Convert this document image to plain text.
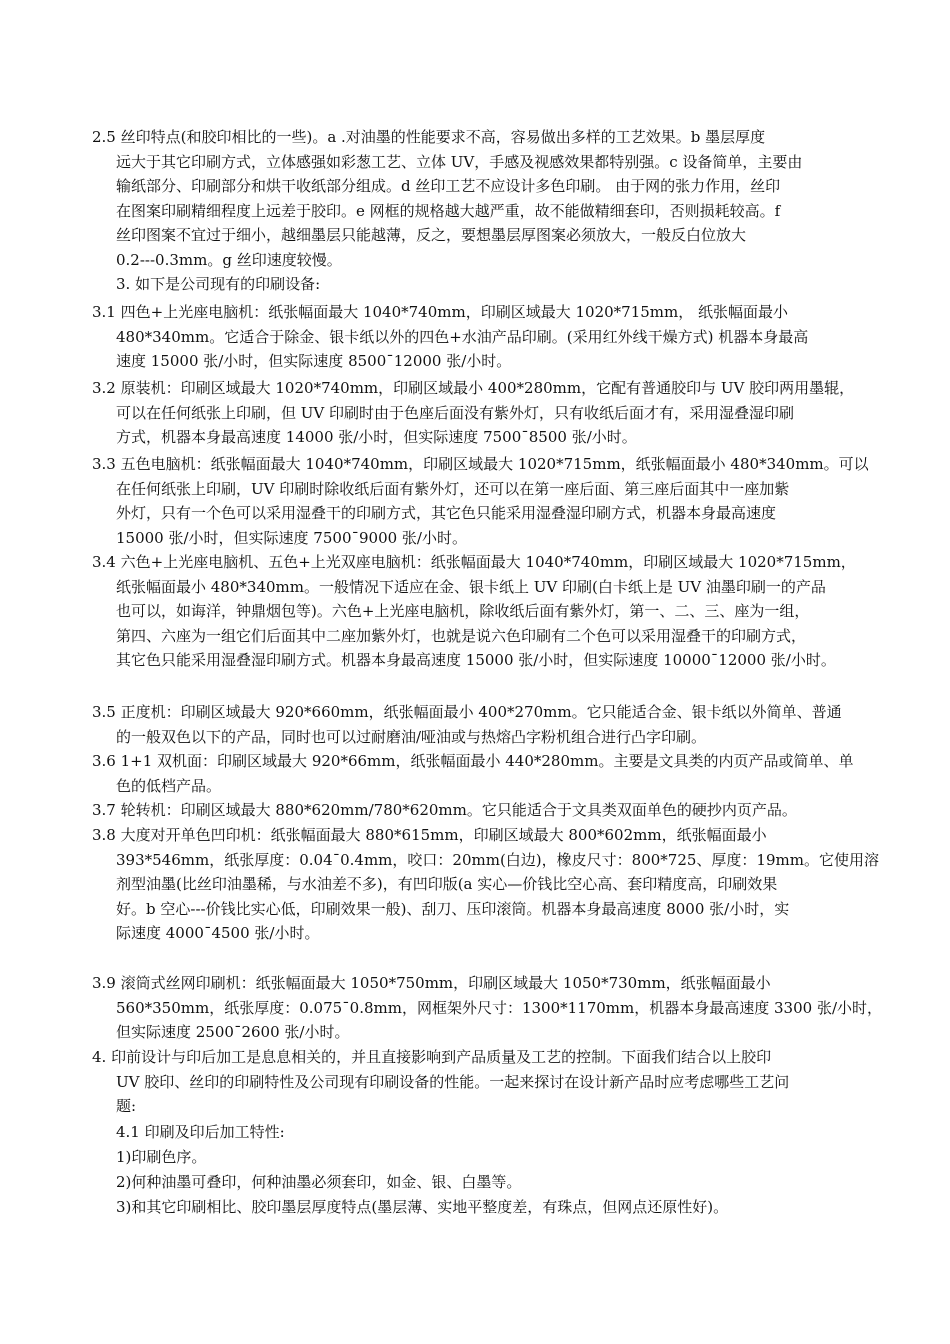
2.5 丝印特点(和胶印相比的一些)。a .对油墨的性能要求不高，容易做出多样的工艺效果。b 墨层厚度
远大于其它印刷方式，立体感强如彩葱工艺、立体 UV，手感及视感效果都特别强。c 设备简单，主要由
输纸部分、印刷部分和烘干收纸部分组成。d 丝印工艺不应设计多色印刷。 由于网的张力作用，丝印
在图案印刷精细程度上远差于胶印。e 网框的规格越大越严重，故不能做精细套印，否则损耗较高。f
丝印图案不宜过于细小，越细墨层只能越薄，反之，要想墨层厚图案必须放大，一般反白位放大
0.2---0.3mm。g 丝印速度较慢。
3. 如下是公司现有的印刷设备:
3.1 四色+上光座电脑机：纸张幅面最大 1040*740mm，印刷区域最大 1020*715mm， 纸张幅面最小
480*340mm。它适合于除金、银卡纸以外的四色+水油产品印刷。(采用红外线干燥方式) 机器本身最高
速度 15000 张/小时，但实际速度 8500¯12000 张/小时。
3.2 原装机：印刷区域最大 1020*740mm，印刷区域最小 400*280mm，它配有普通胶印与 UV 胶印两用墨辊，
可以在任何纸张上印刷，但 UV 印刷时由于色座后面没有紫外灯，只有收纸后面才有，采用湿叠湿印刷
方式，机器本身最高速度 14000 张/小时，但实际速度 7500¯8500 张/小时。
3.3 五色电脑机：纸张幅面最大 1040*740mm，印刷区域最大 1020*715mm，纸张幅面最小 480*340mm。可以
在任何纸张上印刷，UV 印刷时除收纸后面有紫外灯，还可以在第一座后面、第三座后面其中一座加紫
外灯，只有一个色可以采用湿叠干的印刷方式，其它色只能采用湿叠湿印刷方式，机器本身最高速度
15000 张/小时，但实际速度 7500¯9000 张/小时。
3.4 六色+上光座电脑机、五色+上光双座电脑机：纸张幅面最大 1040*740mm，印刷区域最大 1020*715mm，
纸张幅面最小 480*340mm。一般情况下适应在金、银卡纸上 UV 印刷(白卡纸上是 UV 油墨印刷一的产品
也可以，如诲洋，钟鼎烟包等)。六色+上光座电脑机，除收纸后面有紫外灯，第一、二、三、座为一组，
第四、六座为一组它们后面其中二座加紫外灯，也就是说六色印刷有二个色可以采用湿叠干的印刷方式，
其它色只能采用湿叠湿印刷方式。机器本身最高速度 15000 张/小时，但实际速度 10000¯12000 张/小时。
3.5 正度机：印刷区域最大 920*660mm，纸张幅面最小 400*270mm。它只能适合金、银卡纸以外简单、普通
的一般双色以下的产品，同时也可以过耐磨油/哑油或与热熔凸字粉机组合进行凸字印刷。
3.6 1+1 双机面：印刷区域最大 920*66mm，纸张幅面最小 440*280mm。主要是文具类的内页产品或简单、单
色的低档产品。
3.7 轮转机：印刷区域最大 880*620mm/780*620mm。它只能适合于文具类双面单色的硬抄内页产品。
3.8 大度对开单色凹印机：纸张幅面最大 880*615mm，印刷区域最大 800*602mm，纸张幅面最小
393*546mm，纸张厚度：0.04¯0.4mm，咬口：20mm(白边)，橡皮尺寸：800*725、厚度：19mm。它使用溶
剂型油墨(比丝印油墨稀，与水油差不多)，有凹印版(a 实心—价钱比空心高、套印精度高，印刷效果
好。b 空心---价钱比实心低，印刷效果一般)、刮刀、压印滚筒。机器本身最高速度 8000 张/小时，实
际速度 4000¯4500 张/小时。
3.9 滚筒式丝网印刷机：纸张幅面最大 1050*750mm，印刷区域最大 1050*730mm，纸张幅面最小
560*350mm，纸张厚度：0.075¯0.8mm，网框架外尺寸：1300*1170mm，机器本身最高速度 3300 张/小时，
但实际速度 2500¯2600 张/小时。
4. 印前设计与印后加工是息息相关的，并且直接影响到产品质量及工艺的控制。下面我们结合以上胶印
UV 胶印、丝印的印刷特性及公司现有印刷设备的性能。一起来探讨在设计新产品时应考虑哪些工艺问
题:
4.1 印刷及印后加工特性:
1)印刷色序。
2)何种油墨可叠印，何种油墨必须套印，如金、银、白墨等。
3)和其它印刷相比、胶印墨层厚度特点(墨层薄、实地平整度差，有珠点，但网点还原性好)。
